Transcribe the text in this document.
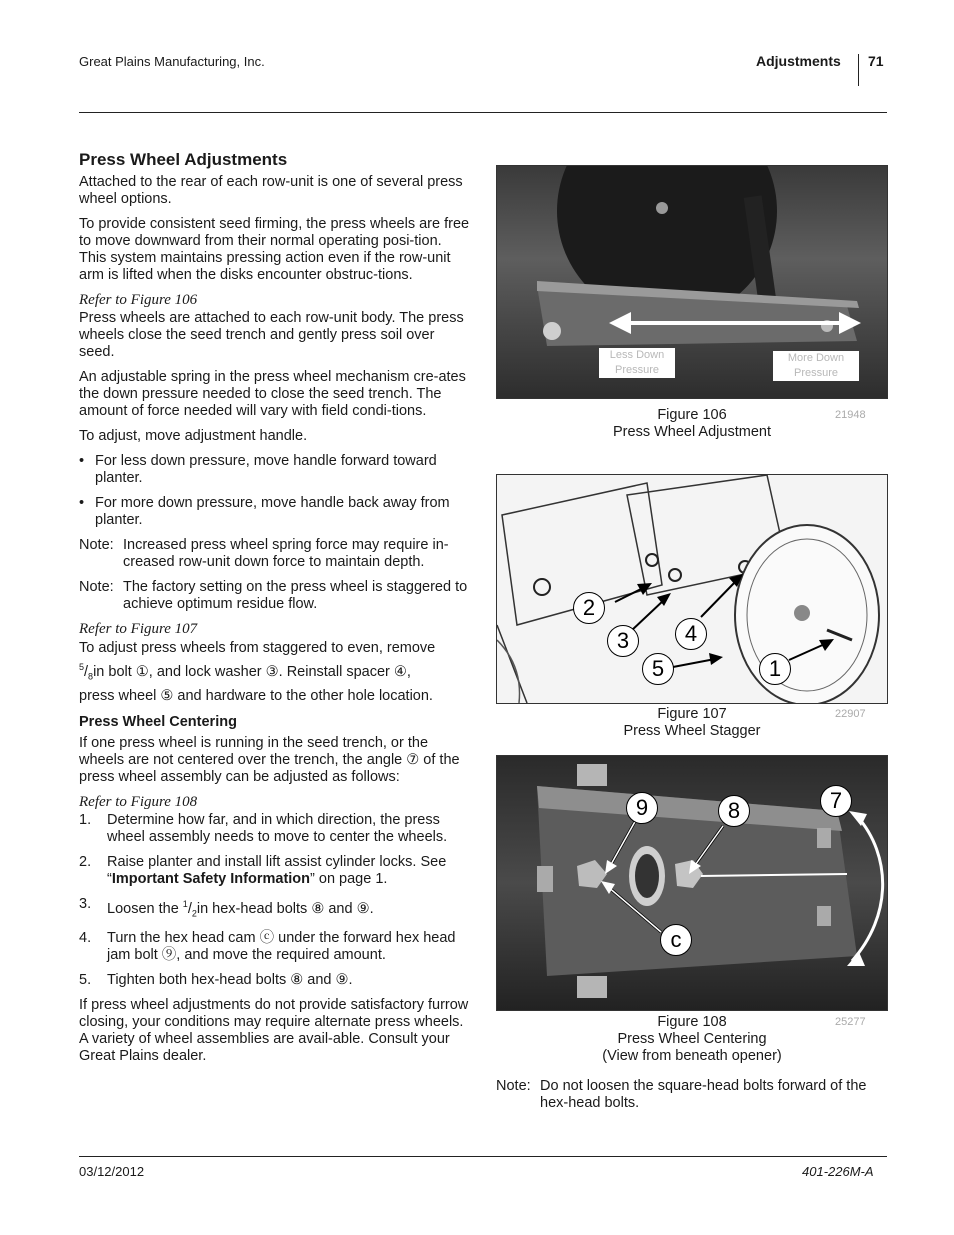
Great Plains Manufacturing, Inc.	Adjustments 71
Press Wheel Adjustments

Attached to the rear of each row-unit is one of several press wheel options.

To provide consistent seed firming, the press wheels are free to move downward from their normal operating posi-tion. This system maintains pressing action even if the row-unit arm is lifted when the disks encounter obstruc-tions.

Refer to Figure 106

Press wheels are attached to each row-unit body. The press wheels close the seed trench and gently press soil over seed.

An adjustable spring in the press wheel mechanism cre-ates the down pressure needed to close the seed trench. The amount of force needed will vary with field condi-tions.

To adjust, move adjustment handle.

• For less down pressure, move handle forward toward planter.
• For more down pressure, move handle back away from planter.
Note: Increased press wheel spring force may require in-creased row-unit down force to maintain depth.
Note: The factory setting on the press wheel is staggered to achieve optimum residue flow.
Refer to Figure 107

To adjust press wheels from staggered to even, remove
$^5/_8in$ bolt ①, and lock washer ③. Reinstall spacer ④,
press wheel ⑤ and hardware to the other hole location.

Press Wheel Centering

If one press wheel is running in the seed trench, or the wheels are not centered over the trench, the angle ⑦ of the press wheel assembly can be adjusted as follows:

Refer to Figure 108
1.	Determine how far, and in which direction, the press wheel assembly needs to move to center the wheels.
2.	Raise planter and install lift assist cylinder locks. See “Important Safety Information” on page 1.
3.	Loosen the $^1/_2in$ hex-head bolts ⑧ and ⑨.
4.	Turn the hex head cam ⓒ under the forward hex head jam bolt ⑨, and move the required amount.
5.	Tighten both hex-head bolts ⑧ and ⑨.

If press wheel adjustments do not provide satisfactory furrow closing, your conditions may require alternate press wheels. A variety of wheel assemblies are avail-able. Consult your Great Plains dealer.

Less Down
Pressure
More Down
Pressure
Figure 106
Press Wheel Adjustment
21948
2
3	4
5	1
Figure 107
Press Wheel Stagger
22907
9	8	7
c
Figure 108
Press Wheel Centering
(View from beneath opener)
25277
Note: Do not loosen the square-head bolts forward of the hex-head bolts.
03/12/2012	401-226M-A
